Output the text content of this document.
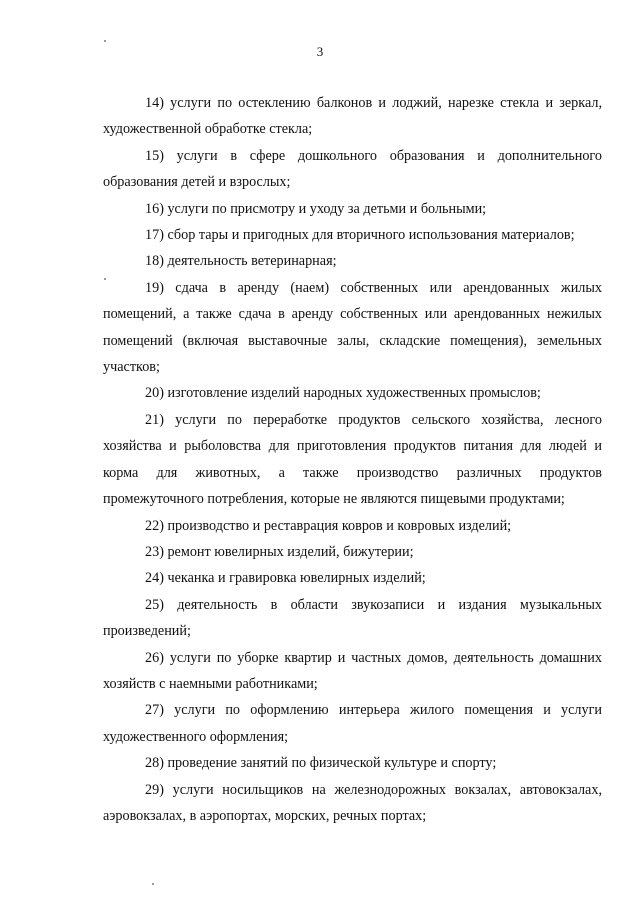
3

14) услуги по остеклению балконов и лоджий, нарезке стекла и зеркал, художественной обработке стекла;

15) услуги в сфере дошкольного образования и дополнительного образования детей и взрослых;

16) услуги по присмотру и уходу за детьми и больными;

17) сбор тары и пригодных для вторичного использования материалов;

18) деятельность ветеринарная;

19) сдача в аренду (наем) собственных или арендованных жилых помещений, а также сдача в аренду собственных или арендованных нежилых помещений (включая выставочные залы, складские помещения), земельных участков;

20) изготовление изделий народных художественных промыслов;

21) услуги по переработке продуктов сельского хозяйства, лесного хозяйства и рыболовства для приготовления продуктов питания для людей и корма для животных, а также производство различных продуктов промежуточного потребления, которые не являются пищевыми продуктами;

22) производство и реставрация ковров и ковровых изделий;

23) ремонт ювелирных изделий, бижутерии;

24) чеканка и гравировка ювелирных изделий;

25) деятельность в области звукозаписи и издания музыкальных произведений;

26) услуги по уборке квартир и частных домов, деятельность домашних хозяйств с наемными работниками;

27) услуги по оформлению интерьера жилого помещения и услуги художественного оформления;

28) проведение занятий по физической культуре и спорту;

29) услуги носильщиков на железнодорожных вокзалах, автовокзалах, аэровокзалах, в аэропортах, морских, речных портах;
